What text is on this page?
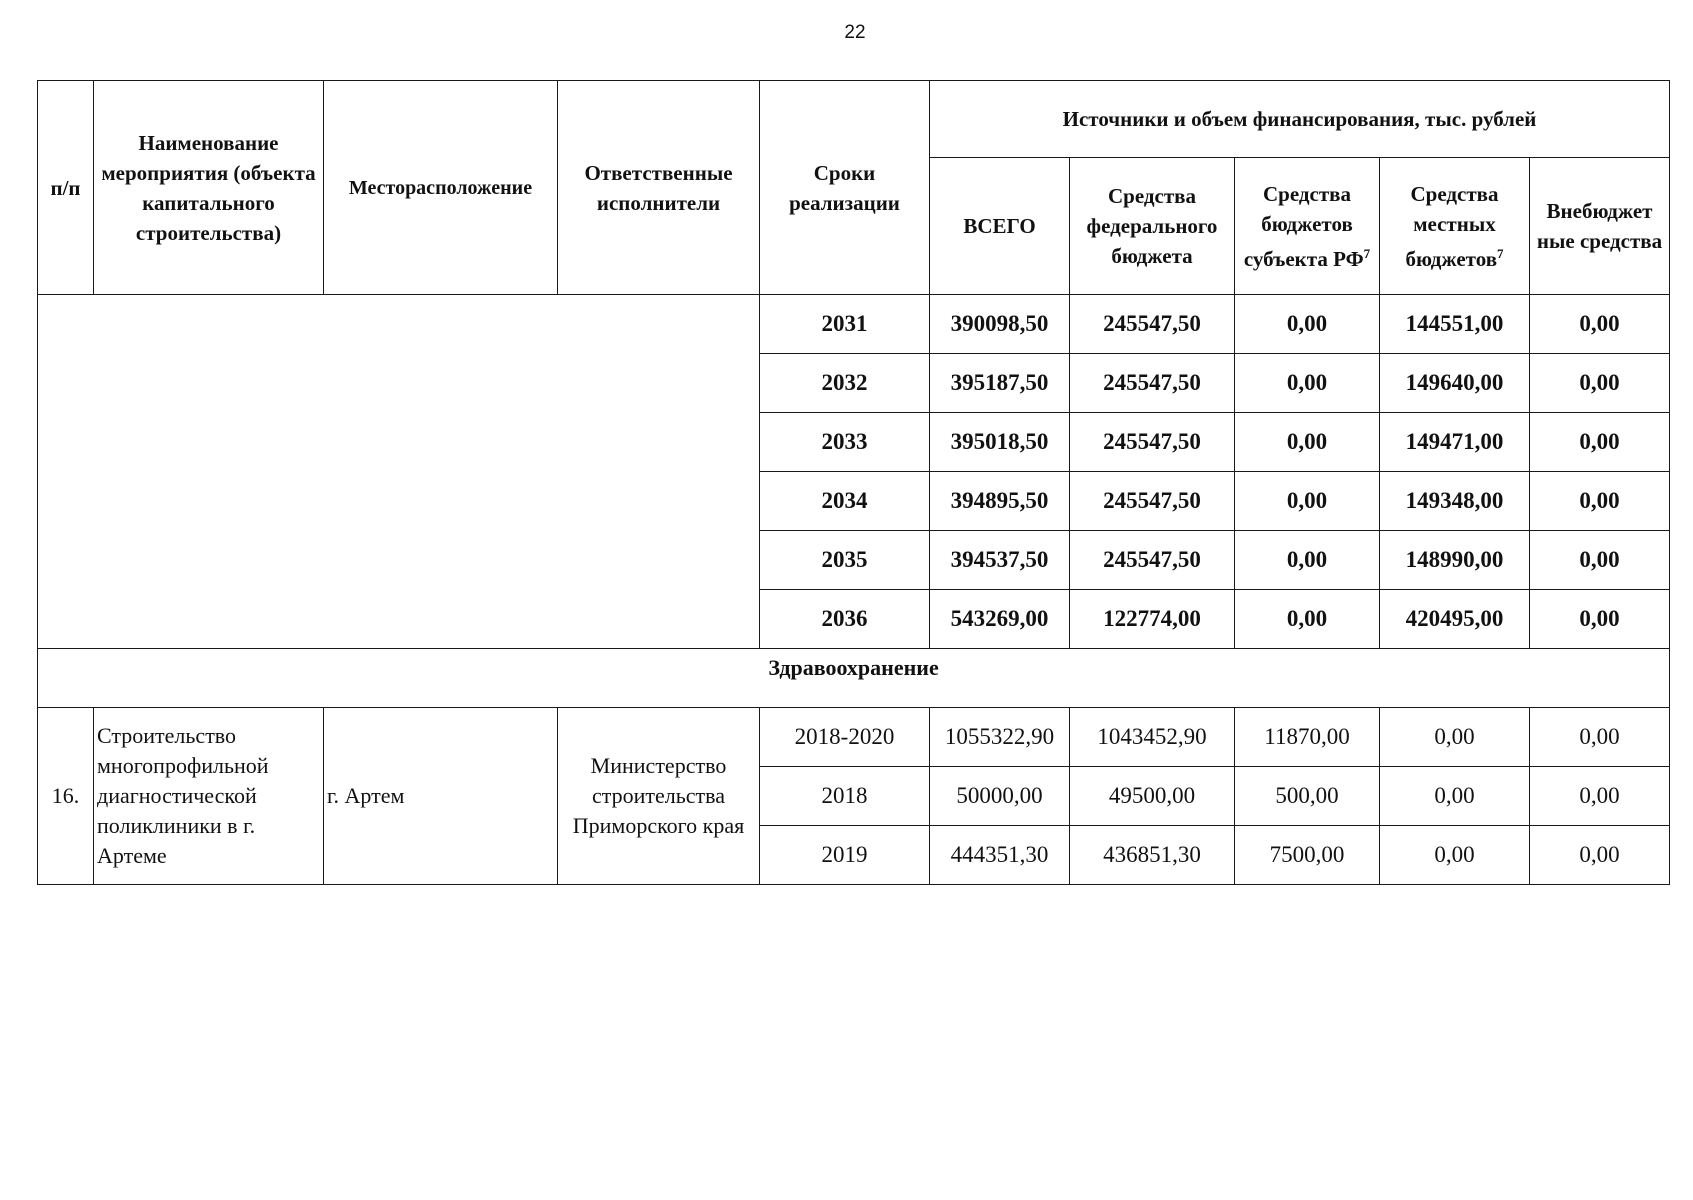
22
п/п	Наименование мероприятия (объекта капитального строительства)	Месторасположение	Ответственные исполнители	Сроки реализации	Источники и объем финансирования, тыс. рублей				
					ВСЕГО	Средства федерального бюджета	Средства бюджетов субъекта $РФ^7$	Средства местных бюджетов$^7$	Внебюджет ные средства
				2031	390098,50	245547,50	0,00	144551,00	0,00
				2032	395187,50	245547,50	0,00	149640,00	0,00
				2033	395018,50	245547,50	0,00	149471,00	0,00
				2034	394895,50	245547,50	0,00	149348,00	0,00
				2035	394537,50	245547,50	0,00	148990,00	0,00
				2036	543269,00	122774,00	0,00	420495,00	0,00
Здравоохранение									
16.	Строительство многопрофильной диагностической поликлиники в г. Артеме	г. Артем	Министерство строительства Приморского края	2018-2020	1055322,90	1043452,90	11870,00	0,00	0,00
				2018	50000,00	49500,00	500,00	0,00	0,00
				2019	444351,30	436851,30	7500,00	0,00	0,00
